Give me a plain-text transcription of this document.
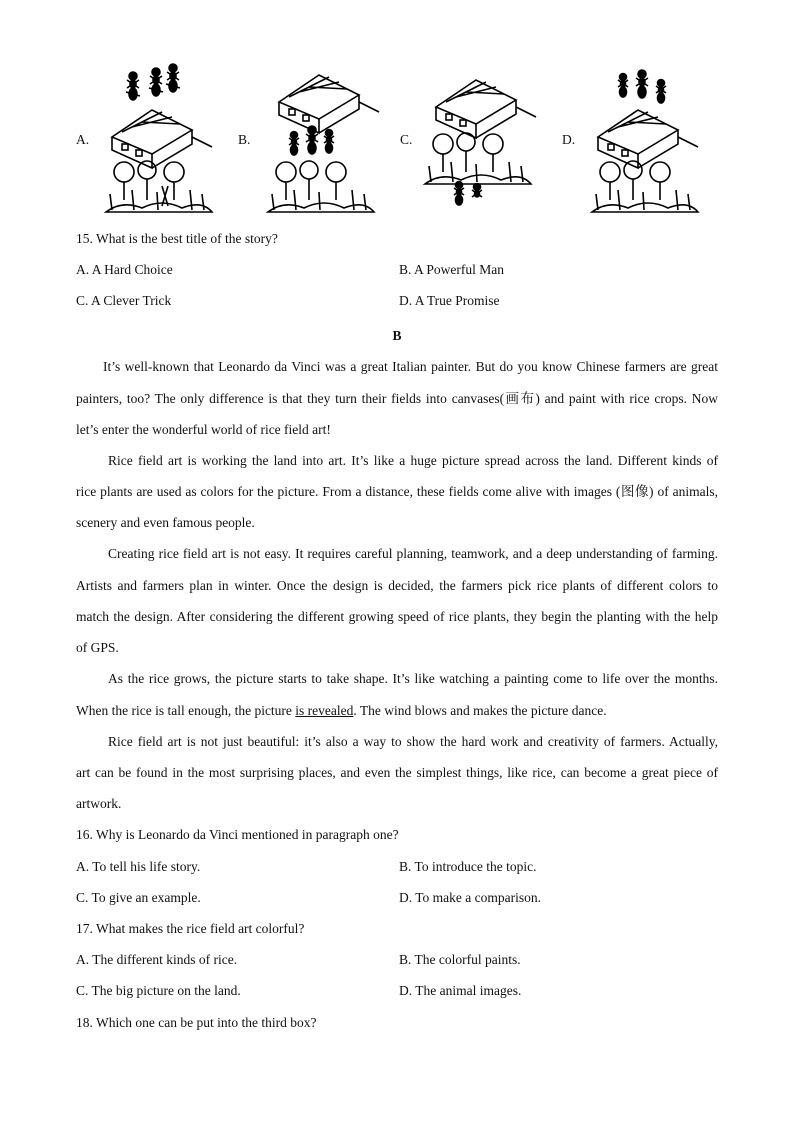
A.	B.	C.	D.
15. What is the best title of the story?
A. A Hard Choice	B. A Powerful Man
C. A Clever Trick	D. A True Promise
B
It’s well-known that Leonardo da Vinci was a great Italian painter. But do you know Chinese farmers are great
painters, too? The only difference is that they turn their fields into canvases(画布) and paint with rice crops. Now
let’s enter the wonderful world of rice field art!
Rice field art is working the land into art. It’s like a huge picture spread across the land. Different kinds of
rice plants are used as colors for the picture. From a distance, these fields come alive with images (图像) of animals,
scenery and even famous people.
Creating rice field art is not easy. It requires careful planning, teamwork, and a deep understanding of farming.
Artists and farmers plan in winter. Once the design is decided, the farmers pick rice plants of different colors to
match the design. After considering the different growing speed of rice plants, they begin the planting with the help
of GPS.
As the rice grows, the picture starts to take shape. It’s like watching a painting come to life over the months.
When the rice is tall enough, the picture is revealed. The wind blows and makes the picture dance.
Rice field art is not just beautiful: it’s also a way to show the hard work and creativity of farmers. Actually,
art can be found in the most surprising places, and even the simplest things, like rice, can become a great piece of
artwork.
16. Why is Leonardo da Vinci mentioned in paragraph one?
A. To tell his life story.	B. To introduce the topic.
C. To give an example.	D. To make a comparison.
17. What makes the rice field art colorful?
A. The different kinds of rice.	B. The colorful paints.
C. The big picture on the land.	D. The animal images.
18. Which one can be put into the third box?
